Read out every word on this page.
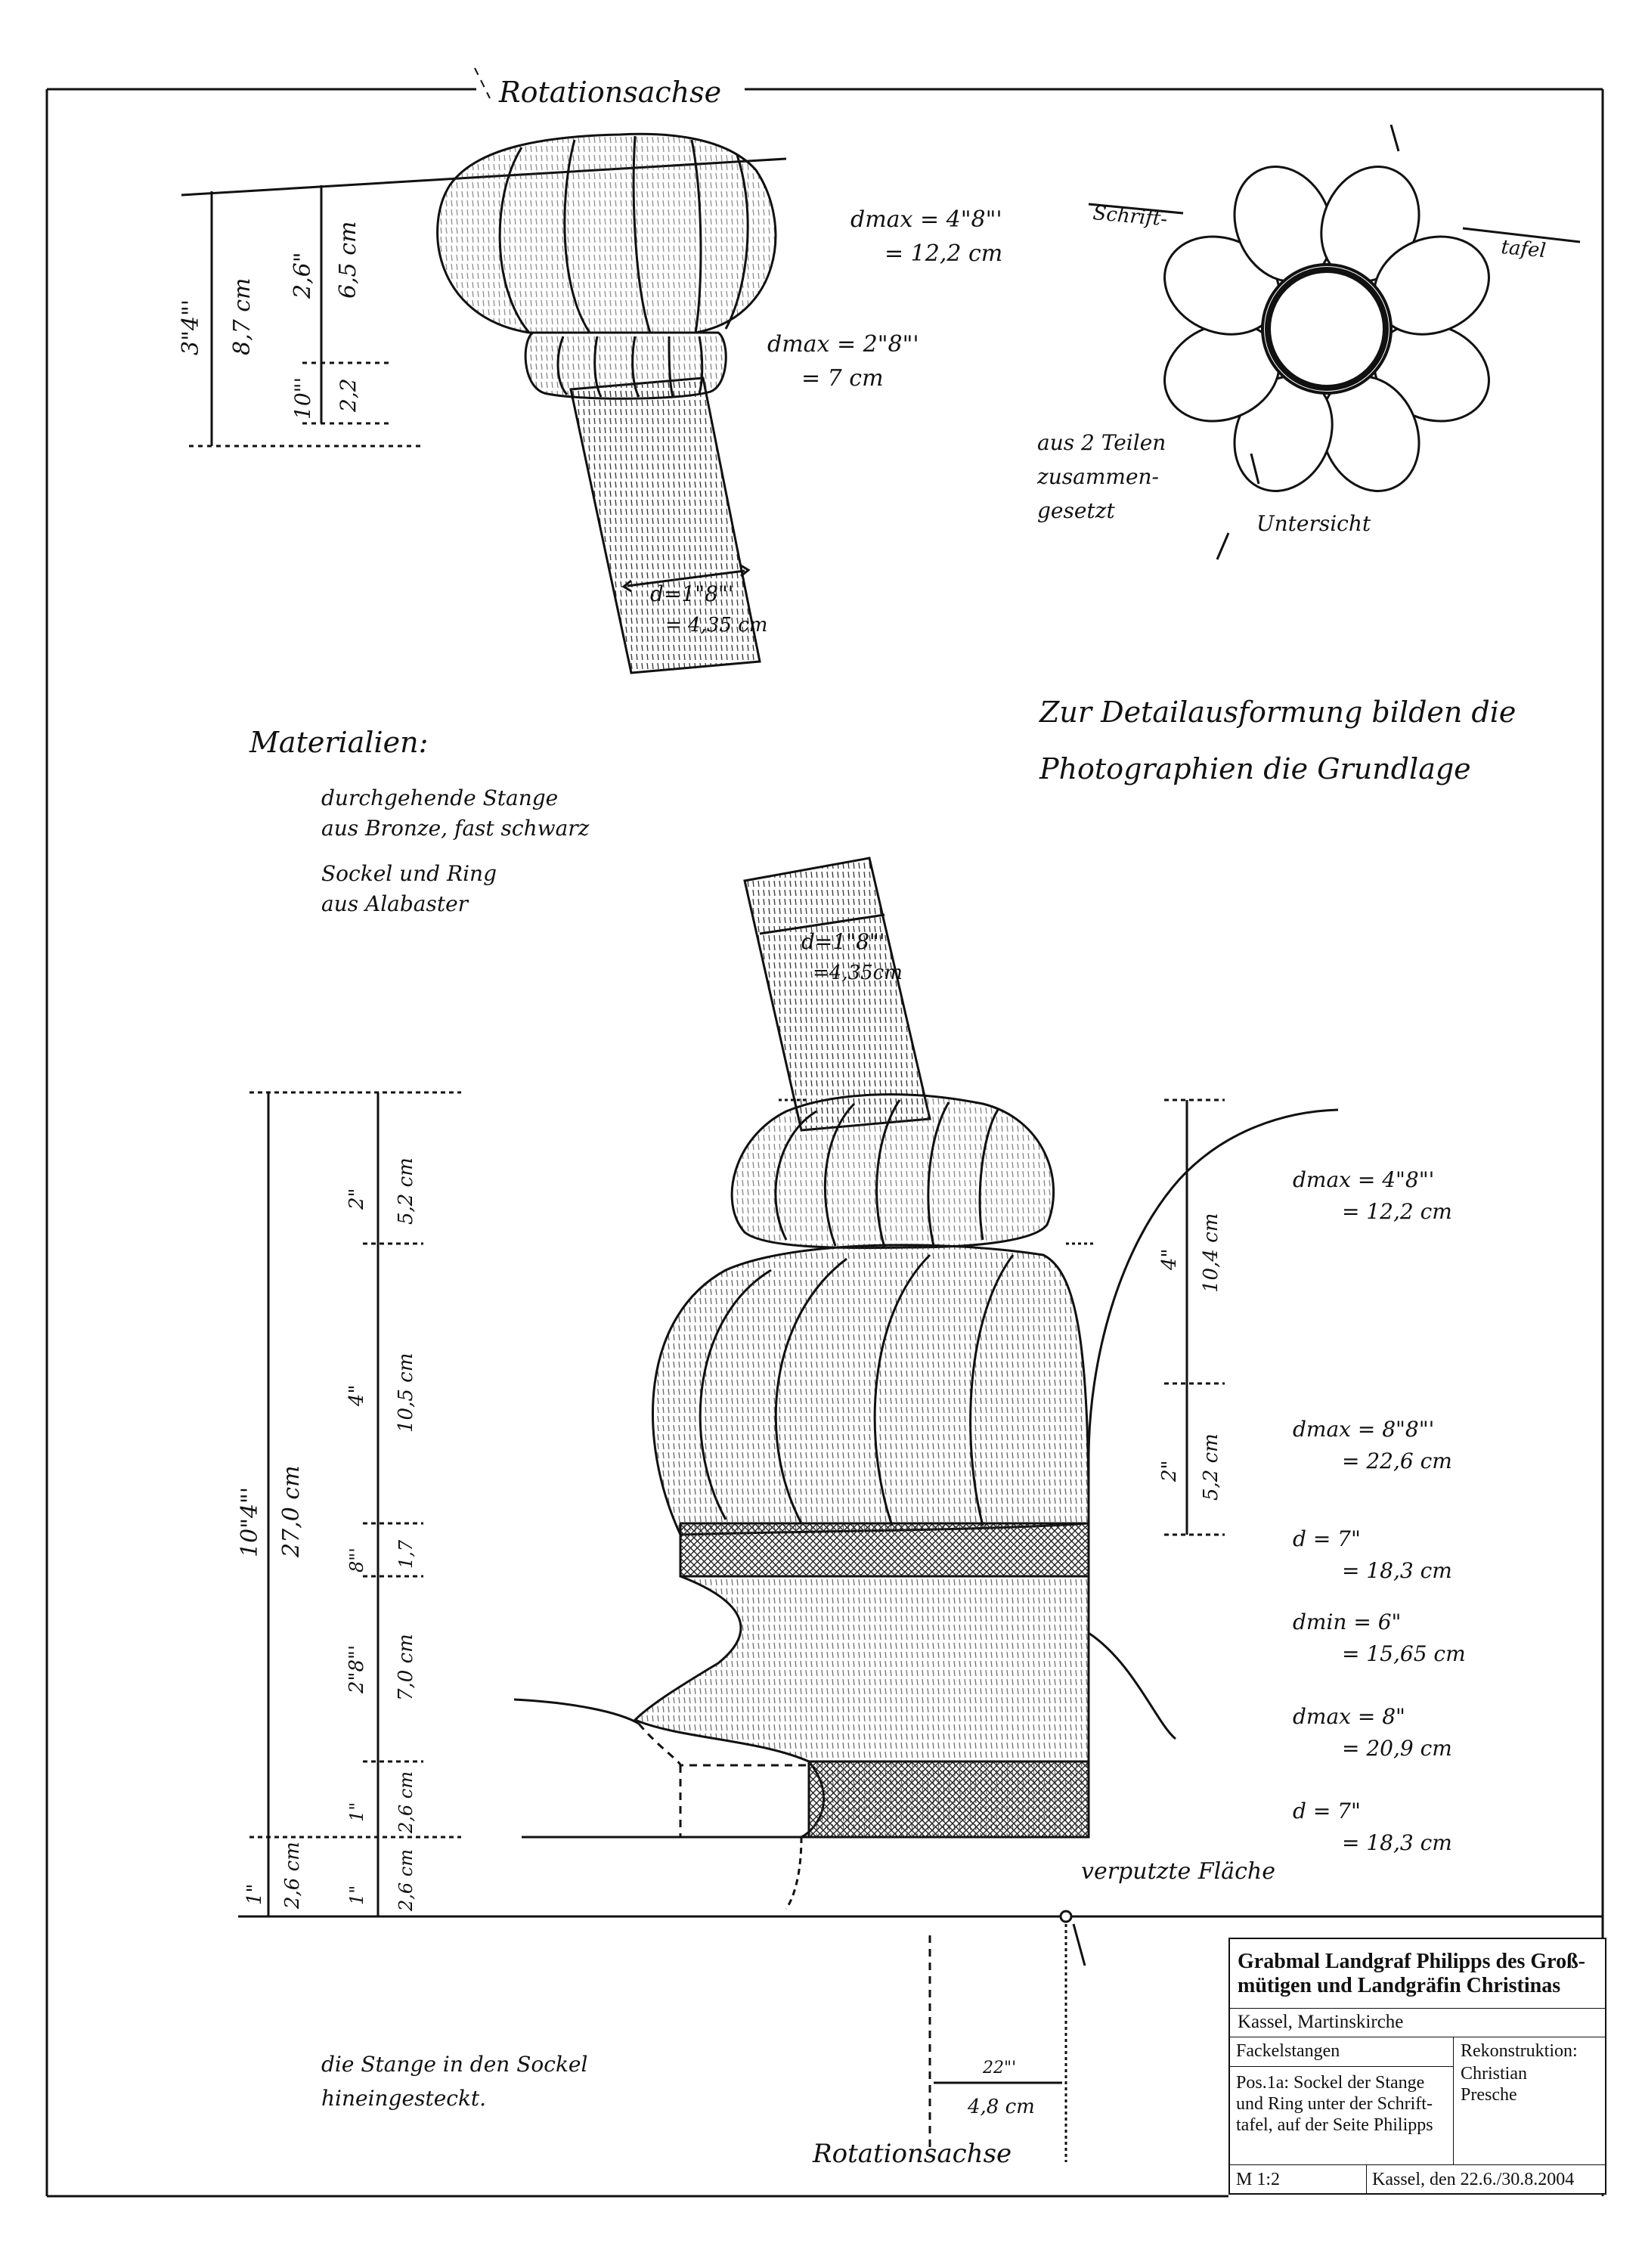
Rotationsachse
3"4"' 8,7 cm
2,6" 6,5 cm
10"' 2,2
dmax = 4"8"'
= 12,2 cm
dmax = 2"8"'
= 7 cm
d=1"8"'
= 4,35 cm
Schrift-
tafel
aus 2 Teilen
zusammen-
gesetzt
Untersicht
Materialien:
durchgehende Stange
aus Bronze, fast schwarz
Sockel und Ring
aus Alabaster
Zur Detailausformung bilden die
Photographien die Grundlage
d=1"8"'
=4,35cm
10"4"' 27,0 cm
1" 2,6 cm
2" 5,2 cm
4" 10,5 cm
8"' 1,7
2"8"' 7,0 cm
1" 2,6 cm
1" 2,6 cm
4" 10,4 cm
2" 5,2 cm
dmax = 4"8"'
= 12,2 cm
dmax = 8"8"'
= 22,6 cm
d = 7"
= 18,3 cm
dmin = 6"
= 15,65 cm
dmax = 8"
= 20,9 cm
d = 7"
= 18,3 cm
verputzte Fläche
22"'
4,8 cm
die Stange in den Sockel
hineingesteckt.
Rotationsachse
Grabmal Landgraf Philipps des Groß-mütigen und Landgräfin Christinas
Kassel, Martinskirche
Fackelstangen
Pos.1a: Sockel der Stange und Ring unter der Schrift-tafel, auf der Seite Philipps
Rekonstruktion:
Christian Presche
M 1:2	Kassel, den 22.6./30.8.2004
